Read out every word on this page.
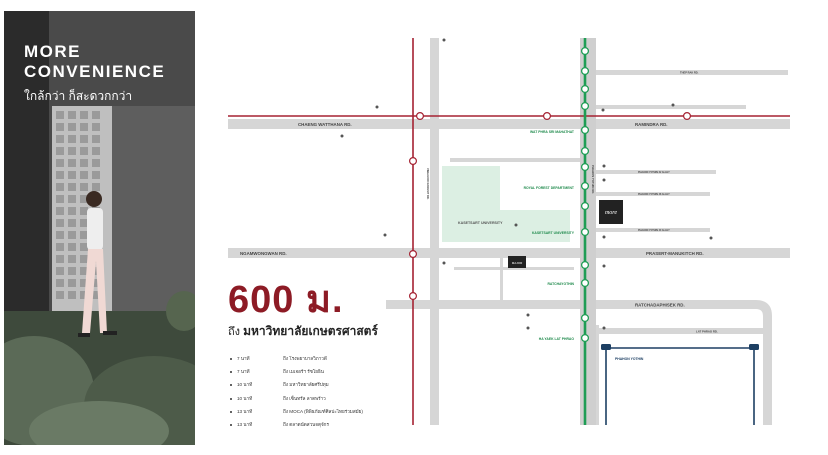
MORE
CONVENIENCE

ใกล้กว่า ก็สะดวกกว่า

600 ม.
ถึง มหาวิทยาลัยเกษตรศาสตร์
7 นาที	ถึง โรงพยาบาลวิภาวดี
7 นาที	ถึง เมเจอร์ฯ รัชโยธิน
10 นาที	ถึง มหาวิทยาลัยศรีปทุม
10 นาที	ถึง เซ็นทรัล ลาดพร้าว
13 นาที	ถึง MOCA (พิพิธภัณฑ์ศิลปะไทยร่วมสมัย)
13 นาที	ถึง ตลาดนัดสวนจตุจักร
more
MAJOR
CHAENG WATTHANA RD.	RAMINDRA RD.
NGAMWONGWAN RD.	PRASERT-MANUKITCH RD.
RATCHADAPHISEK RD.
LAT PHRAO RD.
THEP RAK RD.
PHAHON YOTHIN 48 ALLEY
PHAHON YOTHIN 40 ALLEY
PHAHON YOTHIN 32 ALLEY
PHAHON YOTHIN RD.
VIBHAVADI RANGSIT RD.
KASETSART UNIVERSITY
WAT PHRA SRI MAHATHAT
ROYAL FOREST DEPARTMENT
KASETSART UNIVERSITY
RATCHAYOTHIN
HA YAEK LAT PHRAO
PHAHON YOTHIN
